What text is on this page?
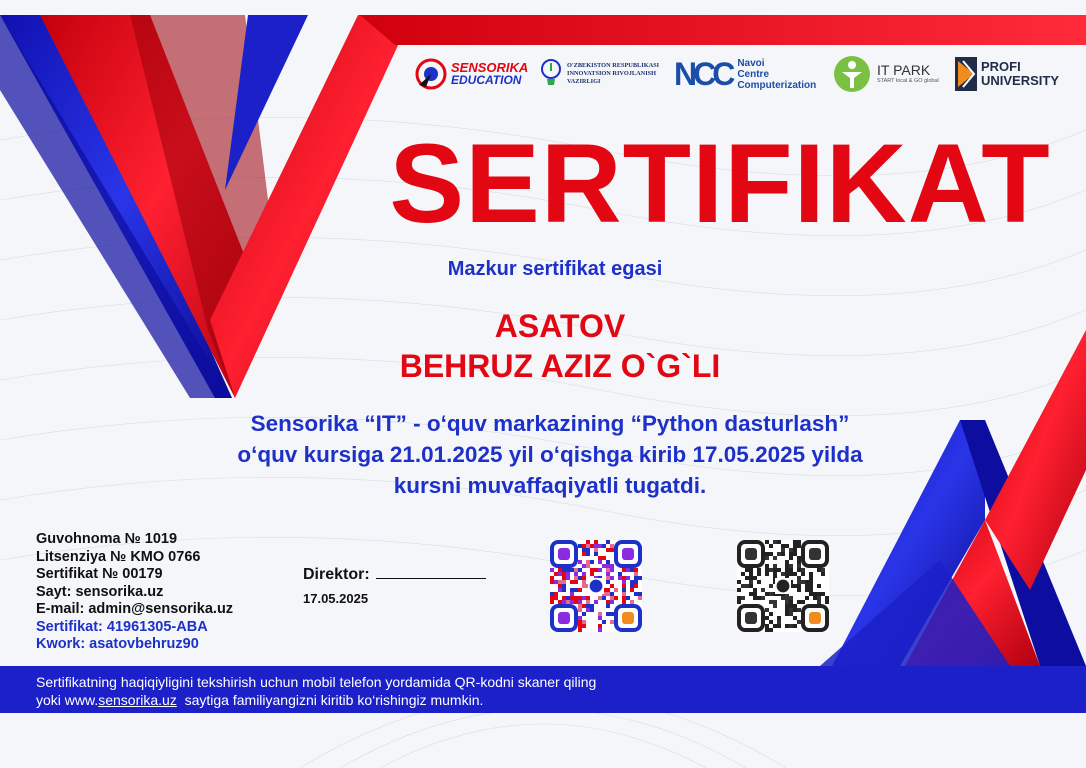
SENSORIKA
EDUCATION
O'ZBEKISTON RESPUBLIKASI
INNOVATSION RIVOJLANISH
VAZIRLIGI	NCC Navoi
Centre
Computerization
IT PARK
START local & GO global
PROFI
UNIVERSITY
SERTIFIKAT
Mazkur sertifikat egasi
ASATOV
BEHRUZ AZIZ O`G`LI
Sensorika “IT” - o‘quv markazining “Python dasturlash”
o‘quv kursiga 21.01.2025 yil o‘qishga kirib 17.05.2025 yilda
kursni muvaffaqiyatli tugatdi.
Guvohnoma № 1019
Litsenziya № KMO 0766
Sertifikat № 00179
Sayt: sensorika.uz
E-mail: admin@sensorika.uz
Sertifikat: 41961305-ABA
Kwork: asatovbehruz90
Direktor:
17.05.2025
Sertifikatning haqiqiyligini tekshirish uchun mobil telefon yordamida QR-kodni skaner qiling
yoki www.sensorika.uz  saytiga familiyangizni kiritib ko‘rishingiz mumkin.
